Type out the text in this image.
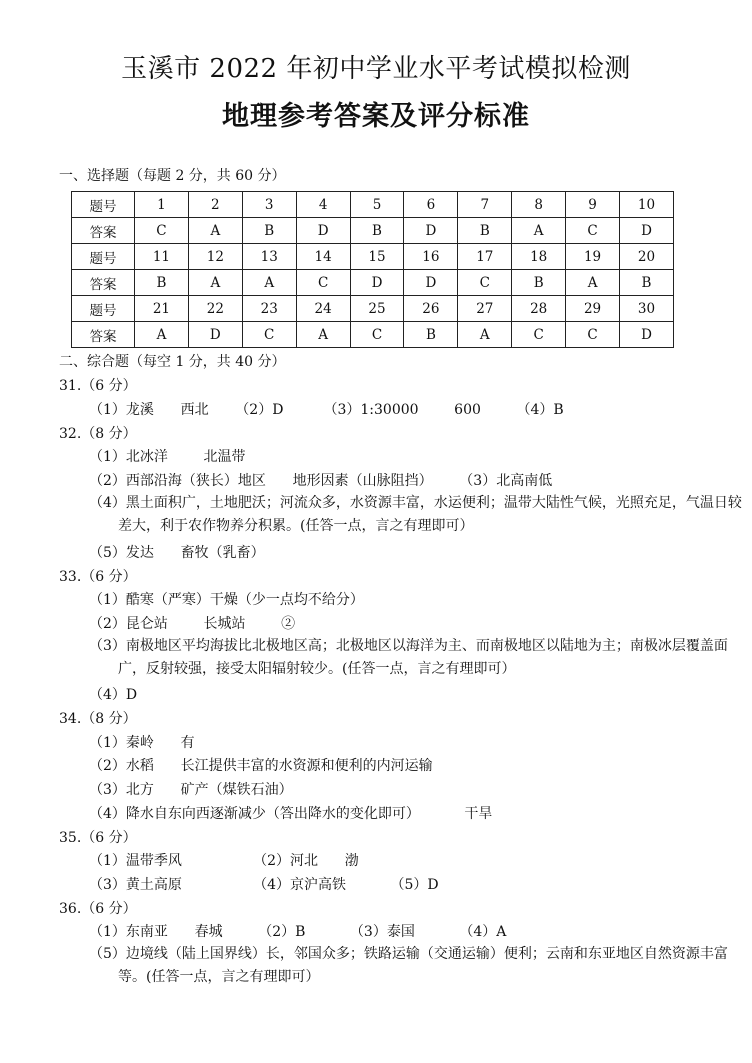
玉溪市 2022 年初中学业水平考试模拟检测
地理参考答案及评分标准
一、选择题（每题 2 分，共 60 分）
题号	1	2	3	4	5	6	7	8	9	10
答案	C	A	B	D	B	D	B	A	C	D
题号	11	12	13	14	15	16	17	18	19	20
答案	B	A	A	C	D	D	C	B	A	B
题号	21	22	23	24	25	26	27	28	29	30
答案	A	D	C	A	C	B	A	C	C	D
二、综合题（每空 1 分，共 40 分）
31.（6 分）
（1）龙溪      西北      （2）D         （3）1:30000        600        （4）B
32.（8 分）
（1）北冰洋        北温带
（2）西部沿海（狭长）地区      地形因素（山脉阻挡）      （3）北高南低
（4）黑土面积广，土地肥沃；河流众多，水资源丰富，水运便利；温带大陆性气候，光照充足，气温日较差大，利于农作物养分积累。(任答一点，言之有理即可）
（5）发达      畜牧（乳畜）
33.（6 分）
（1）酷寒（严寒）干燥（少一点均不给分）
（2）昆仑站        长城站        ②
（3）南极地区平均海拔比北极地区高；北极地区以海洋为主、而南极地区以陆地为主；南极冰层覆盖面广，反射较强，接受太阳辐射较少。(任答一点，言之有理即可）
（4）D
34.（8 分）
（1）秦岭      有
（2）水稻      长江提供丰富的水资源和便利的内河运输
（3）北方      矿产（煤铁石油）
（4）降水自东向西逐渐减少（答出降水的变化即可）          干旱
35.（6 分）
（1）温带季风                （2）河北      渤
（3）黄土高原                （4）京沪高铁          （5）D
36.（6 分）
（1）东南亚      春城        （2）B          （3）泰国          （4）A
（5）边境线（陆上国界线）长，邻国众多；铁路运输（交通运输）便利；云南和东亚地区自然资源丰富等。(任答一点，言之有理即可）
